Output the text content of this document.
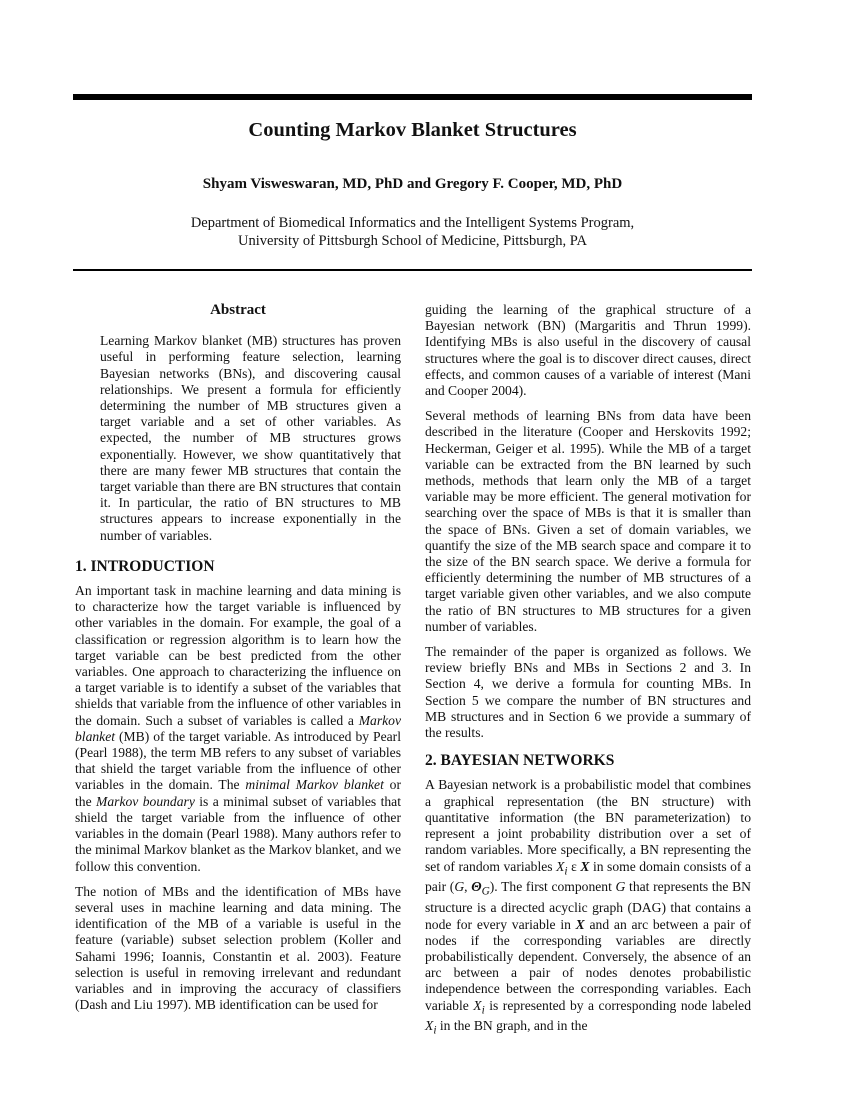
Counting Markov Blanket Structures
Shyam Visweswaran, MD, PhD and Gregory F. Cooper, MD, PhD
Department of Biomedical Informatics and the Intelligent Systems Program,
University of Pittsburgh School of Medicine, Pittsburgh, PA
Abstract
Learning Markov blanket (MB) structures has proven useful in performing feature selection, learning Bayesian networks (BNs), and discovering causal relationships. We present a formula for efficiently determining the number of MB structures given a target variable and a set of other variables. As expected, the number of MB structures grows exponentially. However, we show quantitatively that there are many fewer MB structures that contain the target variable than there are BN structures that contain it. In particular, the ratio of BN structures to MB structures appears to increase exponentially in the number of variables.
1. INTRODUCTION

An important task in machine learning and data mining is to characterize how the target variable is influenced by other variables in the domain. For example, the goal of a classification or regression algorithm is to learn how the target variable can be best predicted from the other variables. One approach to characterizing the influence on a target variable is to identify a subset of the variables that shields that variable from the influence of other variables in the domain. Such a subset of variables is called a Markov blanket (MB) of the target variable. As introduced by Pearl (Pearl 1988), the term MB refers to any subset of variables that shield the target variable from the influence of other variables in the domain. The minimal Markov blanket or the Markov boundary is a minimal subset of variables that shield the target variable from the influence of other variables in the domain (Pearl 1988). Many authors refer to the minimal Markov blanket as the Markov blanket, and we follow this convention.

The notion of MBs and the identification of MBs have several uses in machine learning and data mining. The identification of the MB of a variable is useful in the feature (variable) subset selection problem (Koller and Sahami 1996; Ioannis, Constantin et al. 2003). Feature selection is useful in removing irrelevant and redundant variables and in improving the accuracy of classifiers (Dash and Liu 1997). MB identification can be used for

guiding the learning of the graphical structure of a Bayesian network (BN) (Margaritis and Thrun 1999). Identifying MBs is also useful in the discovery of causal structures where the goal is to discover direct causes, direct effects, and common causes of a variable of interest (Mani and Cooper 2004).

Several methods of learning BNs from data have been described in the literature (Cooper and Herskovits 1992; Heckerman, Geiger et al. 1995). While the MB of a target variable can be extracted from the BN learned by such methods, methods that learn only the MB of a target variable may be more efficient. The general motivation for searching over the space of MBs is that it is smaller than the space of BNs. Given a set of domain variables, we quantify the size of the MB search space and compare it to the size of the BN search space. We derive a formula for efficiently determining the number of MB structures of a target variable given other variables, and we also compute the ratio of BN structures to MB structures for a given number of variables.

The remainder of the paper is organized as follows. We review briefly BNs and MBs in Sections 2 and 3. In Section 4, we derive a formula for counting MBs. In Section 5 we compare the number of BN structures and MB structures and in Section 6 we provide a summary of the results.

2. BAYESIAN NETWORKS

A Bayesian network is a probabilistic model that combines a graphical representation (the BN structure) with quantitative information (the BN parameterization) to represent a joint probability distribution over a set of random variables. More specifically, a BN representing the set of random variables $X_i$ ε X in some domain consists of a pair (G, $\Theta_G$). The first component G that represents the BN structure is a directed acyclic graph (DAG) that contains a node for every variable in X and an arc between a pair of nodes if the corresponding variables are directly probabilistically dependent. Conversely, the absence of an arc between a pair of nodes denotes probabilistic independence between the corresponding variables. Each variable $X_i$ is represented by a corresponding node labeled $X_i$ in the BN graph, and in the
